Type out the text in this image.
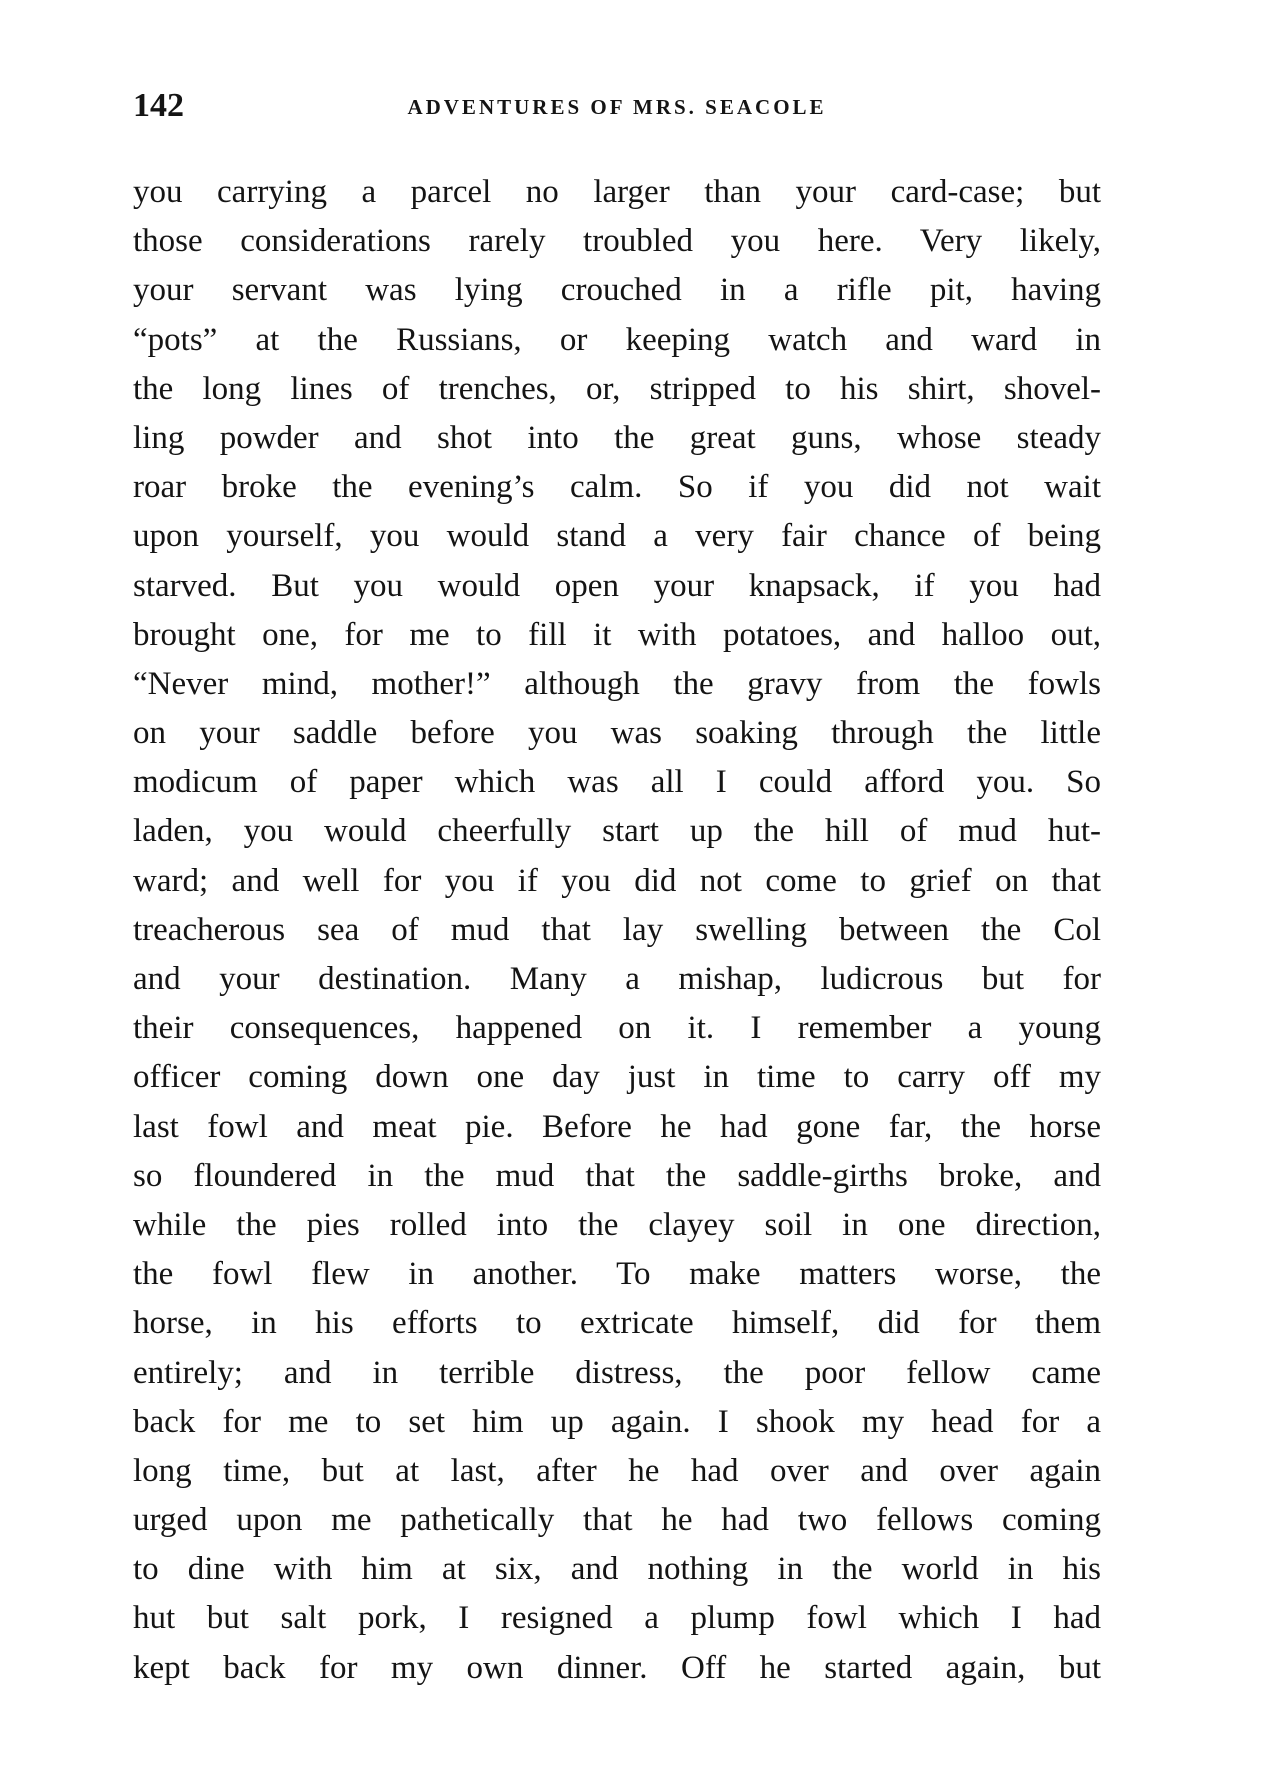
142	ADVENTURES OF MRS. SEACOLE
you carrying a parcel no larger than your card-case; but
those considerations rarely troubled you here. Very likely,
your servant was lying crouched in a rifle pit, having
“pots” at the Russians, or keeping watch and ward in
the long lines of trenches, or, stripped to his shirt, shovel-
ling powder and shot into the great guns, whose steady
roar broke the evening’s calm. So if you did not wait
upon yourself, you would stand a very fair chance of being
starved. But you would open your knapsack, if you had
brought one, for me to fill it with potatoes, and halloo out,
“Never mind, mother!” although the gravy from the fowls
on your saddle before you was soaking through the little
modicum of paper which was all I could afford you. So
laden, you would cheerfully start up the hill of mud hut-
ward; and well for you if you did not come to grief on that
treacherous sea of mud that lay swelling between the Col
and your destination. Many a mishap, ludicrous but for
their consequences, happened on it. I remember a young
officer coming down one day just in time to carry off my
last fowl and meat pie. Before he had gone far, the horse
so floundered in the mud that the saddle-girths broke, and
while the pies rolled into the clayey soil in one direction,
the fowl flew in another. To make matters worse, the
horse, in his efforts to extricate himself, did for them
entirely; and in terrible distress, the poor fellow came
back for me to set him up again. I shook my head for a
long time, but at last, after he had over and over again
urged upon me pathetically that he had two fellows coming
to dine with him at six, and nothing in the world in his
hut but salt pork, I resigned a plump fowl which I had
kept back for my own dinner. Off he started again, but
